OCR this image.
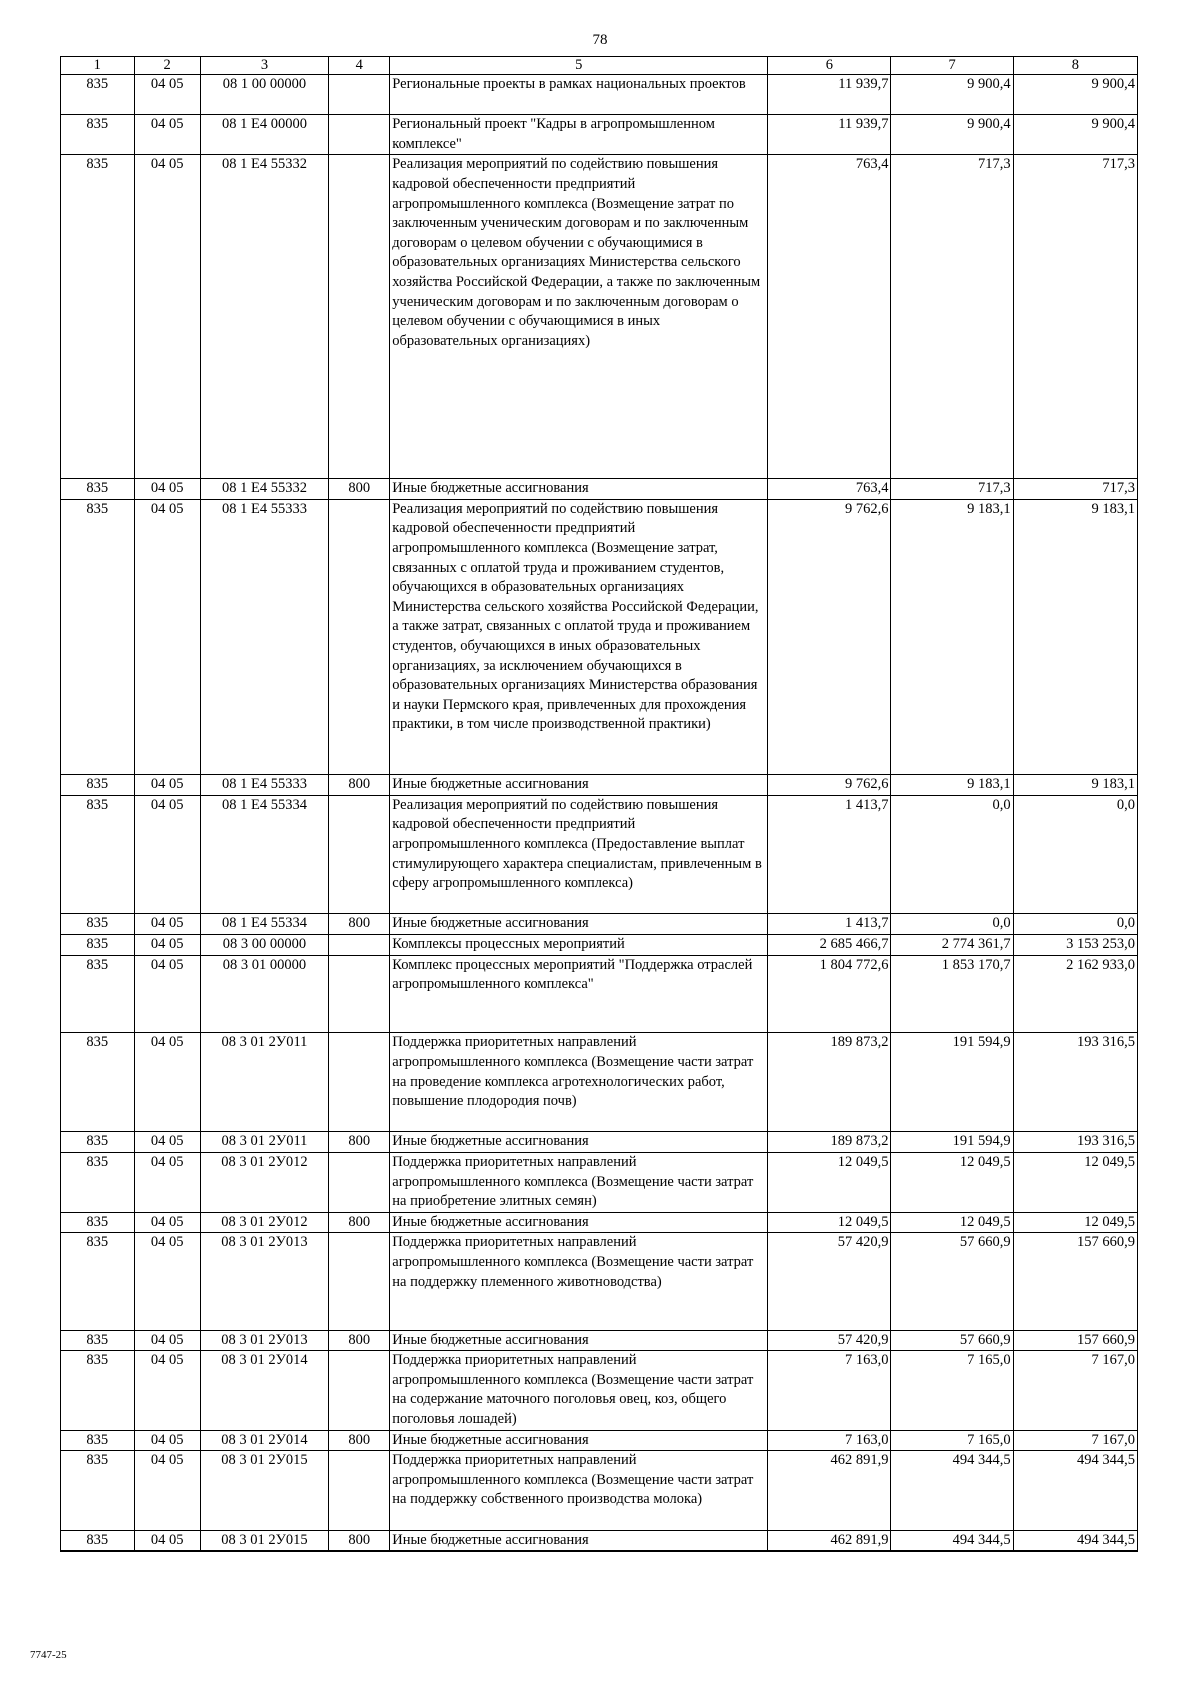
78
1	2	3	4	5	6	7	8
835	04 05	08 1 00 00000		Региональные проекты в рамках национальных проектов	11 939,7	9 900,4	9 900,4
835	04 05	08 1 E4 00000		Региональный проект "Кадры в агропромышленном комплексе"	11 939,7	9 900,4	9 900,4
835	04 05	08 1 E4 55332		Реализация мероприятий по содействию повышения кадровой обеспеченности предприятий агропромышленного комплекса (Возмещение затрат по заключенным ученическим договорам и по заключенным договорам о целевом обучении с обучающимися в образовательных организациях Министерства сельского хозяйства Российской Федерации, а также по заключенным ученическим договорам и по заключенным договорам о целевом обучении с обучающимися в иных образовательных организациях)	763,4	717,3	717,3
835	04 05	08 1 E4 55332	800	Иные бюджетные ассигнования	763,4	717,3	717,3
835	04 05	08 1 E4 55333		Реализация мероприятий по содействию повышения кадровой обеспеченности предприятий агропромышленного комплекса (Возмещение затрат, связанных с оплатой труда и проживанием студентов, обучающихся в образовательных организациях Министерства сельского хозяйства Российской Федерации, а также затрат, связанных с оплатой труда и проживанием студентов, обучающихся в иных образовательных организациях, за исключением обучающихся в образовательных организациях Министерства образования и науки Пермского края, привлеченных для прохождения практики, в том числе производственной практики)	9 762,6	9 183,1	9 183,1
835	04 05	08 1 E4 55333	800	Иные бюджетные ассигнования	9 762,6	9 183,1	9 183,1
835	04 05	08 1 E4 55334		Реализация мероприятий по содействию повышения кадровой обеспеченности предприятий агропромышленного комплекса (Предоставление выплат стимулирующего характера специалистам, привлеченным в сферу агропромышленного комплекса)	1 413,7	0,0	0,0
835	04 05	08 1 E4 55334	800	Иные бюджетные ассигнования	1 413,7	0,0	0,0
835	04 05	08 3 00 00000		Комплексы процессных мероприятий	2 685 466,7	2 774 361,7	3 153 253,0
835	04 05	08 3 01 00000		Комплекс процессных мероприятий "Поддержка отраслей агропромышленного комплекса"	1 804 772,6	1 853 170,7	2 162 933,0
835	04 05	08 3 01 2У011		Поддержка приоритетных направлений агропромышленного комплекса (Возмещение части затрат на проведение комплекса агротехнологических работ, повышение плодородия почв)	189 873,2	191 594,9	193 316,5
835	04 05	08 3 01 2У011	800	Иные бюджетные ассигнования	189 873,2	191 594,9	193 316,5
835	04 05	08 3 01 2У012		Поддержка приоритетных направлений агропромышленного комплекса (Возмещение части затрат на приобретение элитных семян)	12 049,5	12 049,5	12 049,5
835	04 05	08 3 01 2У012	800	Иные бюджетные ассигнования	12 049,5	12 049,5	12 049,5
835	04 05	08 3 01 2У013		Поддержка приоритетных направлений агропромышленного комплекса (Возмещение части затрат на поддержку племенного животноводства)	57 420,9	57 660,9	157 660,9
835	04 05	08 3 01 2У013	800	Иные бюджетные ассигнования	57 420,9	57 660,9	157 660,9
835	04 05	08 3 01 2У014		Поддержка приоритетных направлений агропромышленного комплекса (Возмещение части затрат на содержание маточного поголовья овец, коз, общего поголовья лошадей)	7 163,0	7 165,0	7 167,0
835	04 05	08 3 01 2У014	800	Иные бюджетные ассигнования	7 163,0	7 165,0	7 167,0
835	04 05	08 3 01 2У015		Поддержка приоритетных направлений агропромышленного комплекса (Возмещение части затрат на поддержку собственного производства молока)	462 891,9	494 344,5	494 344,5
835	04 05	08 3 01 2У015	800	Иные бюджетные ассигнования	462 891,9	494 344,5	494 344,5
7747-25
